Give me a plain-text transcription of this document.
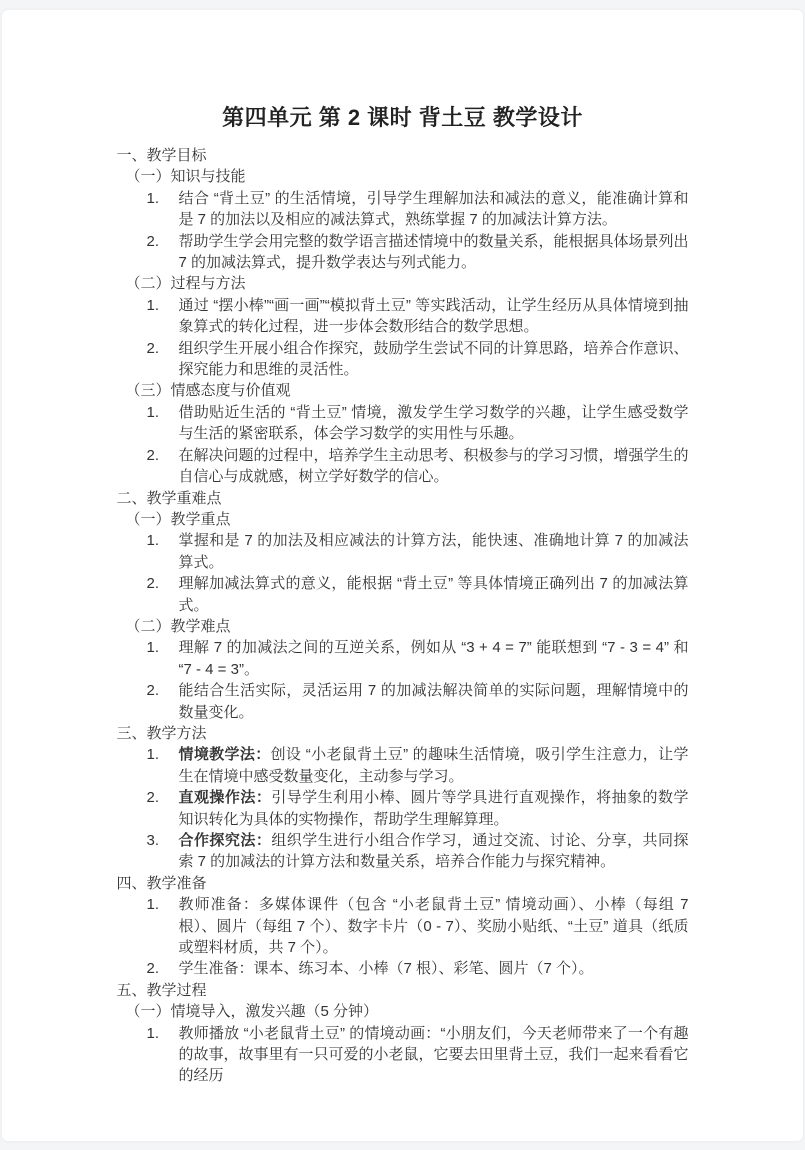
第四单元 第 2 课时 背土豆 教学设计
一、教学目标
（一）知识与技能
1.	结合 “背土豆” 的生活情境，引导学生理解加法和减法的意义，能准确计算和是 7 的加法以及相应的减法算式，熟练掌握 7 的加减法计算方法。
2.	帮助学生学会用完整的数学语言描述情境中的数量关系，能根据具体场景列出 7 的加减法算式，提升数学表达与列式能力。
（二）过程与方法
1.	通过 “摆小棒”“画一画”“模拟背土豆” 等实践活动，让学生经历从具体情境到抽象算式的转化过程，进一步体会数形结合的数学思想。
2.	组织学生开展小组合作探究，鼓励学生尝试不同的计算思路，培养合作意识、探究能力和思维的灵活性。
（三）情感态度与价值观
1.	借助贴近生活的 “背土豆” 情境，激发学生学习数学的兴趣，让学生感受数学与生活的紧密联系，体会学习数学的实用性与乐趣。
2.	在解决问题的过程中，培养学生主动思考、积极参与的学习习惯，增强学生的自信心与成就感，树立学好数学的信心。
二、教学重难点
（一）教学重点
1.	掌握和是 7 的加法及相应减法的计算方法，能快速、准确地计算 7 的加减法算式。
2.	理解加减法算式的意义，能根据 “背土豆” 等具体情境正确列出 7 的加减法算式。
（二）教学难点
1.	理解 7 的加减法之间的互逆关系，例如从 “3 + 4 = 7” 能联想到 “7 - 3 = 4” 和 “7 - 4 = 3”。
2.	能结合生活实际，灵活运用 7 的加减法解决简单的实际问题，理解情境中的数量变化。
三、教学方法
1.	情境教学法：创设 “小老鼠背土豆” 的趣味生活情境，吸引学生注意力，让学生在情境中感受数量变化，主动参与学习。
2.	直观操作法：引导学生利用小棒、圆片等学具进行直观操作，将抽象的数学知识转化为具体的实物操作，帮助学生理解算理。
3.	合作探究法：组织学生进行小组合作学习，通过交流、讨论、分享，共同探索 7 的加减法的计算方法和数量关系，培养合作能力与探究精神。
四、教学准备
1.	教师准备：多媒体课件（包含 “小老鼠背土豆” 情境动画）、小棒（每组 7 根）、圆片（每组 7 个）、数字卡片（0 - 7）、奖励小贴纸、“土豆” 道具（纸质或塑料材质，共 7 个）。
2.	学生准备：课本、练习本、小棒（7 根）、彩笔、圆片（7 个）。
五、教学过程
（一）情境导入，激发兴趣（5 分钟）
1.	教师播放 “小老鼠背土豆” 的情境动画：“小朋友们，今天老师带来了一个有趣的故事，故事里有一只可爱的小老鼠，它要去田里背土豆，我们一起来看看它的经历
